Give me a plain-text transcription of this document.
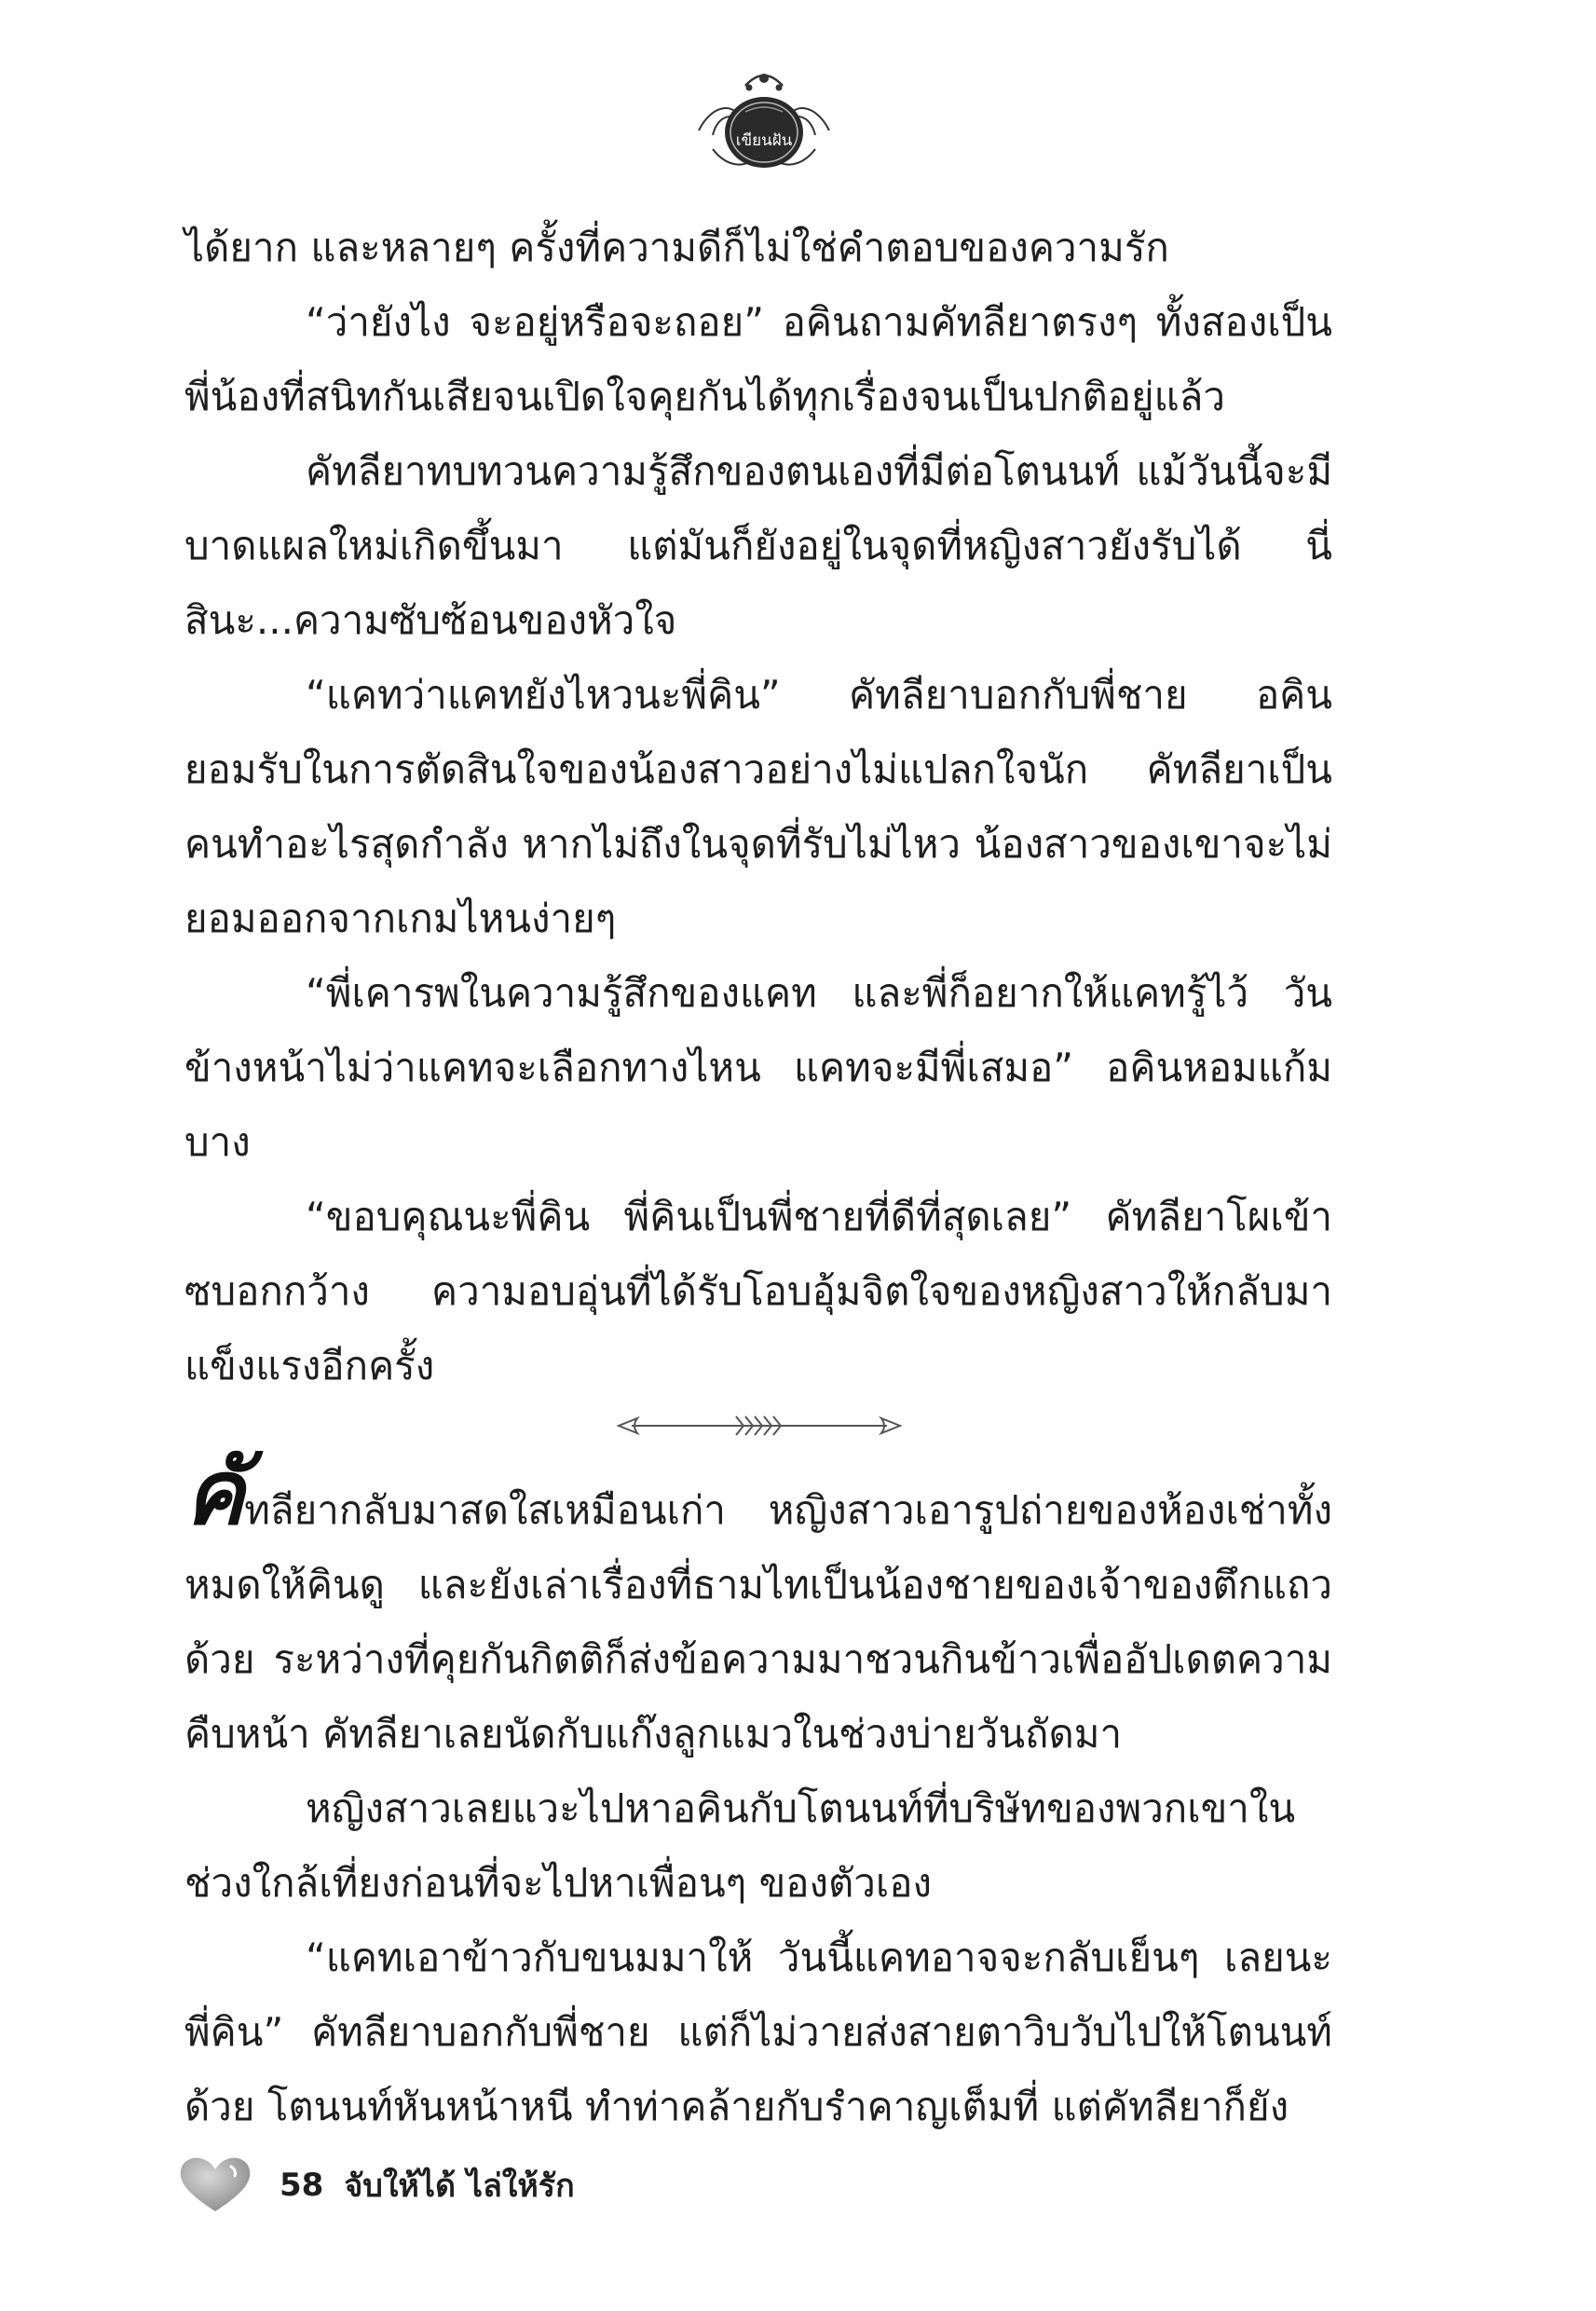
เขียนฝัน

ได้ยาก และหลายๆ ครั้งที่ความดีก็ไม่ใช่คำตอบของความรัก

“ว่ายังไง จะอยู่หรือจะถอย” อคินถามคัทลียาตรงๆ ทั้งสองเป็นพี่น้องที่สนิทกันเสียจนเปิดใจคุยกันได้ทุกเรื่องจนเป็นปกติอยู่แล้ว

คัทลียาทบทวนความรู้สึกของตนเองที่มีต่อโตนนท์ แม้วันนี้จะมีบาดแผลใหม่เกิดขึ้นมา แต่มันก็ยังอยู่ในจุดที่หญิงสาวยังรับได้ นี่สินะ...ความซับซ้อนของหัวใจ

“แคทว่าแคทยังไหวนะพี่คิน” คัทลียาบอกกับพี่ชาย อคินยอมรับในการตัดสินใจของน้องสาวอย่างไม่แปลกใจนัก คัทลียาเป็นคนทำอะไรสุดกำลัง หากไม่ถึงในจุดที่รับไม่ไหว น้องสาวของเขาจะไม่ยอมออกจากเกมไหนง่ายๆ

“พี่เคารพในความรู้สึกของแคท และพี่ก็อยากให้แคทรู้ไว้ วันข้างหน้าไม่ว่าแคทจะเลือกทางไหน แคทจะมีพี่เสมอ” อคินหอมแก้มบาง

“ขอบคุณนะพี่คิน พี่คินเป็นพี่ชายที่ดีที่สุดเลย” คัทลียาโผเข้าซบอกกว้าง ความอบอุ่นที่ได้รับโอบอุ้มจิตใจของหญิงสาวให้กลับมาแข็งแรงอีกครั้ง

คัทลียากลับมาสดใสเหมือนเก่า หญิงสาวเอารูปถ่ายของห้องเช่าทั้งหมดให้คินดู และยังเล่าเรื่องที่ธามไทเป็นน้องชายของเจ้าของตึกแถวด้วย ระหว่างที่คุยกันกิตติก็ส่งข้อความมาชวนกินข้าวเพื่ออัปเดตความคืบหน้า คัทลียาเลยนัดกับแก๊งลูกแมวในช่วงบ่ายวันถัดมา

หญิงสาวเลยแวะไปหาอคินกับโตนนท์ที่บริษัทของพวกเขาในช่วงใกล้เที่ยงก่อนที่จะไปหาเพื่อนๆ ของตัวเอง

“แคทเอาข้าวกับขนมมาให้ วันนี้แคทอาจจะกลับเย็นๆ เลยนะพี่คิน” คัทลียาบอกกับพี่ชาย แต่ก็ไม่วายส่งสายตาวิบวับไปให้โตนนท์ด้วย โตนนท์หันหน้าหนี ทำท่าคล้ายกับรำคาญเต็มที่ แต่คัทลียาก็ยัง

58 จับให้ได้ ไล่ให้รัก
